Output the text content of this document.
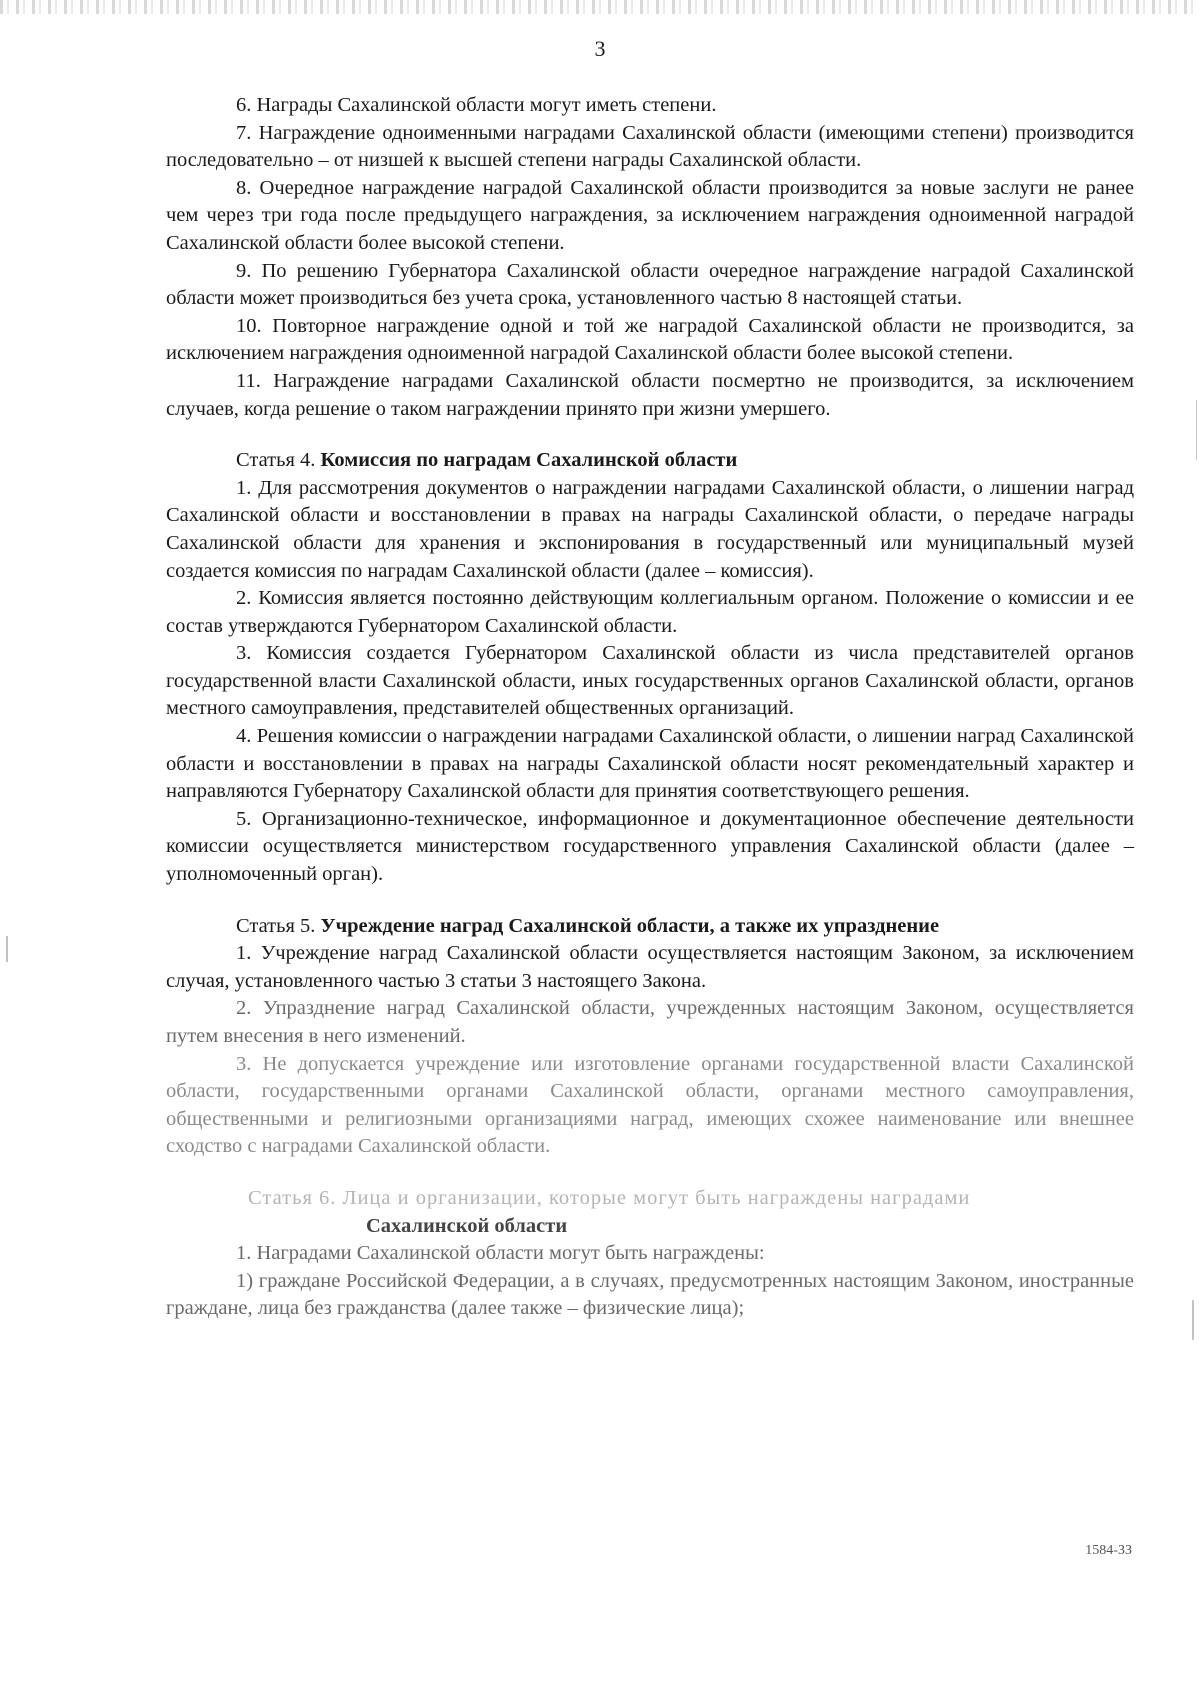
3

6. Награды Сахалинской области могут иметь степени.

7. Награждение одноименными наградами Сахалинской области (имеющими степени) производится последовательно – от низшей к высшей степени награды Сахалинской области.

8. Очередное награждение наградой Сахалинской области производится за новые заслуги не ранее чем через три года после предыдущего награждения, за исключением награждения одноименной наградой Сахалинской области более высокой степени.

9. По решению Губернатора Сахалинской области очередное награждение наградой Сахалинской области может производиться без учета срока, установленного частью 8 настоящей статьи.

10. Повторное награждение одной и той же наградой Сахалинской области не производится, за исключением награждения одноименной наградой Сахалинской области более высокой степени.

11. Награждение наградами Сахалинской области посмертно не производится, за исключением случаев, когда решение о таком награждении принято при жизни умершего.

Статья 4. Комиссия по наградам Сахалинской области

1. Для рассмотрения документов о награждении наградами Сахалинской области, о лишении наград Сахалинской области и восстановлении в правах на награды Сахалинской области, о передаче награды Сахалинской области для хранения и экспонирования в государственный или муниципальный музей создается комиссия по наградам Сахалинской области (далее – комиссия).

2. Комиссия является постоянно действующим коллегиальным органом. Положение о комиссии и ее состав утверждаются Губернатором Сахалинской области.

3. Комиссия создается Губернатором Сахалинской области из числа представителей органов государственной власти Сахалинской области, иных государственных органов Сахалинской области, органов местного самоуправления, представителей общественных организаций.

4. Решения комиссии о награждении наградами Сахалинской области, о лишении наград Сахалинской области и восстановлении в правах на награды Сахалинской области носят рекомендательный характер и направляются Губернатору Сахалинской области для принятия соответствующего решения.

5. Организационно-техническое, информационное и документационное обеспечение деятельности комиссии осуществляется министерством государственного управления Сахалинской области (далее – уполномоченный орган).

Статья 5. Учреждение наград Сахалинской области, а также их упразднение

1. Учреждение наград Сахалинской области осуществляется настоящим Законом, за исключением случая, установленного частью 3 статьи 3 настоящего Закона.

2. Упразднение наград Сахалинской области, учрежденных настоящим Законом, осуществляется путем внесения в него изменений.

3. Не допускается учреждение или изготовление органами государственной власти Сахалинской области, государственными органами Сахалинской области, органами местного самоуправления, общественными и религиозными организациями наград, имеющих схожее наименование или внешнее сходство с наградами Сахалинской области.

Статья 6. Лица и организации, которые могут быть награждены наградами
Сахалинской области

1. Наградами Сахалинской области могут быть награждены:

1) граждане Российской Федерации, а в случаях, предусмотренных настоящим Законом, иностранные граждане, лица без гражданства (далее также – физические лица);

1584-ЗЗ
